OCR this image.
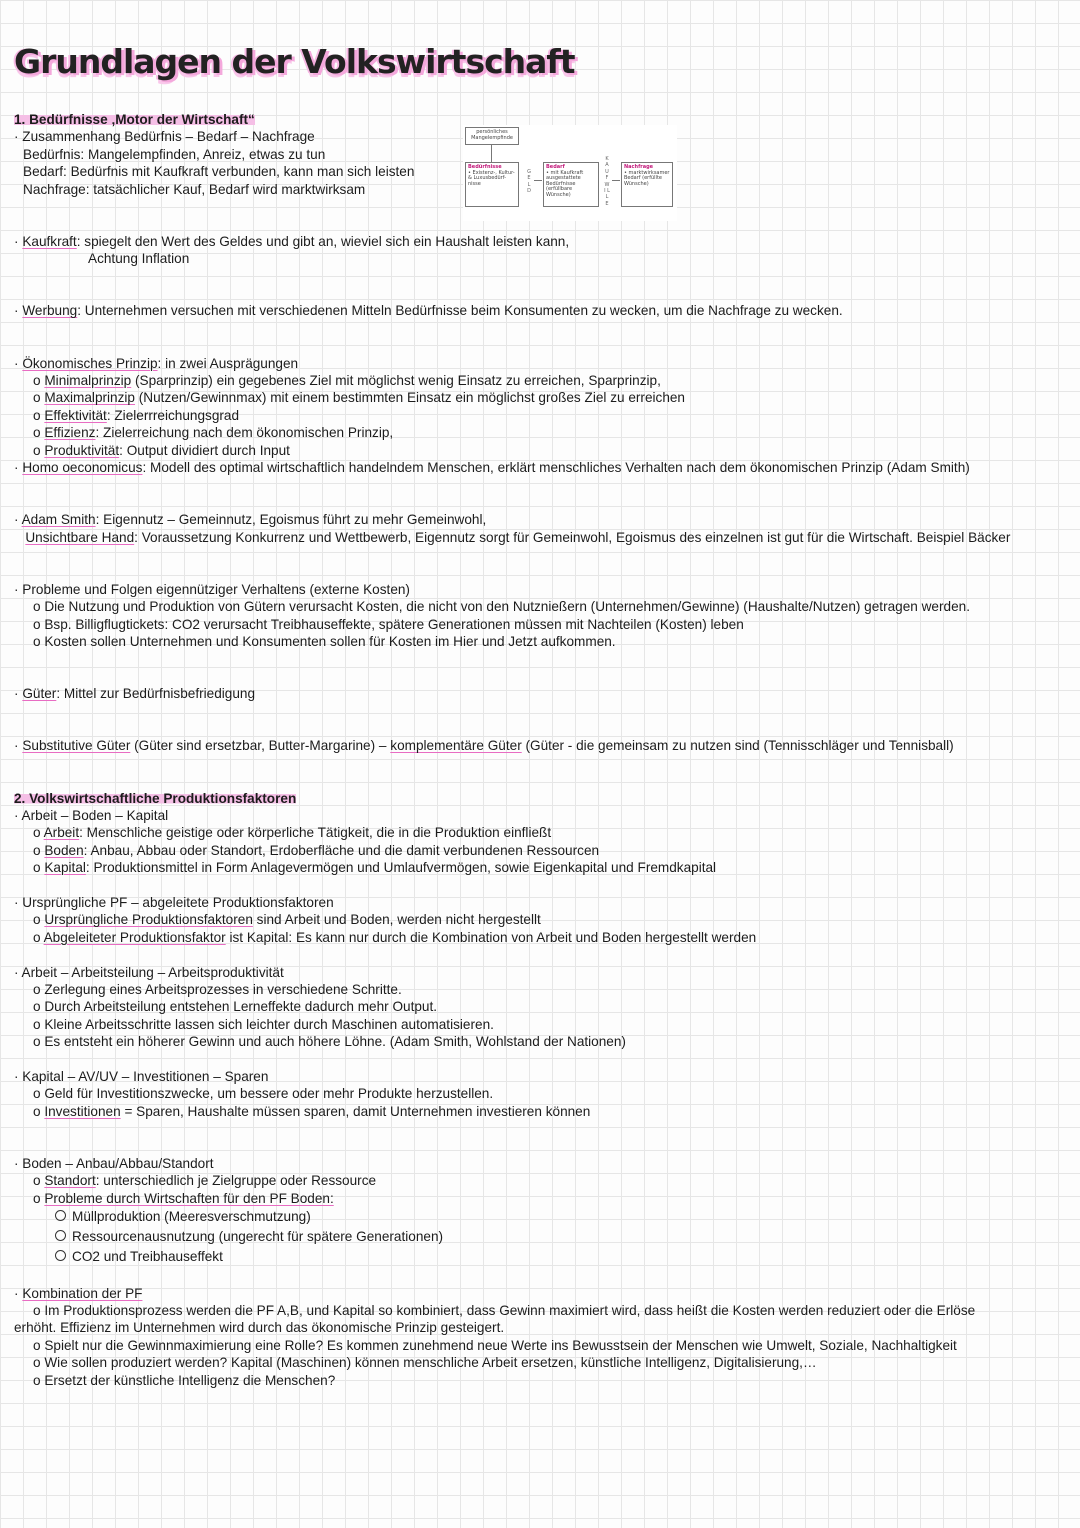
Grundlagen der Volkswirtschaft
persönliches Mangelempfinde
Bedürfnisse
• Existenz-, Kultur- & Luxusbedürf- nisse
G E L D
Bedarf
• mit Kaufkraft ausgestattete Bedürfnisse (erfüllbare Wünsche)
K A U F W I L L E
Nachfrage
• marktwirksamer Bedarf (erfüllte Wünsche)
1. Bedürfnisse ‚Motor der Wirtschaft“
· Zusammenhang Bedürfnis – Bedarf – Nachfrage
Bedürfnis: Mangelempfinden, Anreiz, etwas zu tun
Bedarf: Bedürfnis mit Kaufkraft verbunden, kann man sich leisten
Nachfrage: tatsächlicher Kauf, Bedarf wird marktwirksam
· Kaufkraft: spiegelt den Wert des Geldes und gibt an, wieviel sich ein Haushalt leisten kann,
Achtung Inflation
· Werbung: Unternehmen versuchen mit verschiedenen Mitteln Bedürfnisse beim Konsumenten zu wecken, um die Nachfrage zu wecken.
· Ökonomisches Prinzip: in zwei Ausprägungen
o Minimalprinzip (Sparprinzip) ein gegebenes Ziel mit möglichst wenig Einsatz zu erreichen, Sparprinzip,
o Maximalprinzip (Nutzen/Gewinnmax) mit einem bestimmten Einsatz ein möglichst großes Ziel zu erreichen
o Effektivität: Zielerrreichungsgrad
o Effizienz: Zielerreichung nach dem ökonomischen Prinzip,
o Produktivität: Output dividiert durch Input
· Homo oeconomicus: Modell des optimal wirtschaftlich handelndem Menschen, erklärt menschliches Verhalten nach dem ökonomischen Prinzip (Adam Smith)
· Adam Smith: Eigennutz – Gemeinnutz, Egoismus führt zu mehr Gemeinwohl,
Unsichtbare Hand: Voraussetzung Konkurrenz und Wettbewerb, Eigennutz sorgt für Gemeinwohl, Egoismus des einzelnen ist gut für die Wirtschaft. Beispiel Bäcker
· Probleme und Folgen eigennütziger Verhaltens (externe Kosten)
o Die Nutzung und Produktion von Gütern verursacht Kosten, die nicht von den Nutznießern (Unternehmen/Gewinne) (Haushalte/Nutzen) getragen werden.
o Bsp. Billigflugtickets: CO2 verursacht Treibhauseffekte, spätere Generationen müssen mit Nachteilen (Kosten) leben
o Kosten sollen Unternehmen und Konsumenten sollen für Kosten im Hier und Jetzt aufkommen.
· Güter: Mittel zur Bedürfnisbefriedigung
· Substitutive Güter (Güter sind ersetzbar, Butter-Margarine) – komplementäre Güter (Güter - die gemeinsam zu nutzen sind (Tennisschläger und Tennisball)
2. Volkswirtschaftliche Produktionsfaktoren
· Arbeit – Boden – Kapital
o Arbeit: Menschliche geistige oder körperliche Tätigkeit, die in die Produktion einfließt
o Boden: Anbau, Abbau oder Standort, Erdoberfläche und die damit verbundenen Ressourcen
o Kapital: Produktionsmittel in Form Anlagevermögen und Umlaufvermögen, sowie Eigenkapital und Fremdkapital
· Ursprüngliche PF – abgeleitete Produktionsfaktoren
o Ursprüngliche Produktionsfaktoren sind Arbeit und Boden, werden nicht hergestellt
o Abgeleiteter Produktionsfaktor ist Kapital: Es kann nur durch die Kombination von Arbeit und Boden hergestellt werden
· Arbeit – Arbeitsteilung – Arbeitsproduktivität
o Zerlegung eines Arbeitsprozesses in verschiedene Schritte.
o Durch Arbeitsteilung entstehen Lerneffekte dadurch mehr Output.
o Kleine Arbeitsschritte lassen sich leichter durch Maschinen automatisieren.
o Es entsteht ein höherer Gewinn und auch höhere Löhne. (Adam Smith, Wohlstand der Nationen)
· Kapital – AV/UV – Investitionen – Sparen
o Geld für Investitionszwecke, um bessere oder mehr Produkte herzustellen.
o Investitionen = Sparen, Haushalte müssen sparen, damit Unternehmen investieren können
· Boden – Anbau/Abbau/Standort
o Standort: unterschiedlich je Zielgruppe oder Ressource
o Probleme durch Wirtschaften für den PF Boden:
Müllproduktion (Meeresverschmutzung)
Ressourcenausnutzung (ungerecht für spätere Generationen)
CO2 und Treibhauseffekt
· Kombination der PF
o Im Produktionsprozess werden die PF A,B, und Kapital so kombiniert, dass Gewinn maximiert wird, dass heißt die Kosten werden reduziert oder die Erlöse erhöht. Effizienz im Unternehmen wird durch das ökonomische Prinzip gesteigert.
o Spielt nur die Gewinnmaximierung eine Rolle? Es kommen zunehmend neue Werte ins Bewusstsein der Menschen wie Umwelt, Soziale, Nachhaltigkeit
o Wie sollen produziert werden? Kapital (Maschinen) können menschliche Arbeit ersetzen, künstliche Intelligenz, Digitalisierung,…
o Ersetzt der künstliche Intelligenz die Menschen?
